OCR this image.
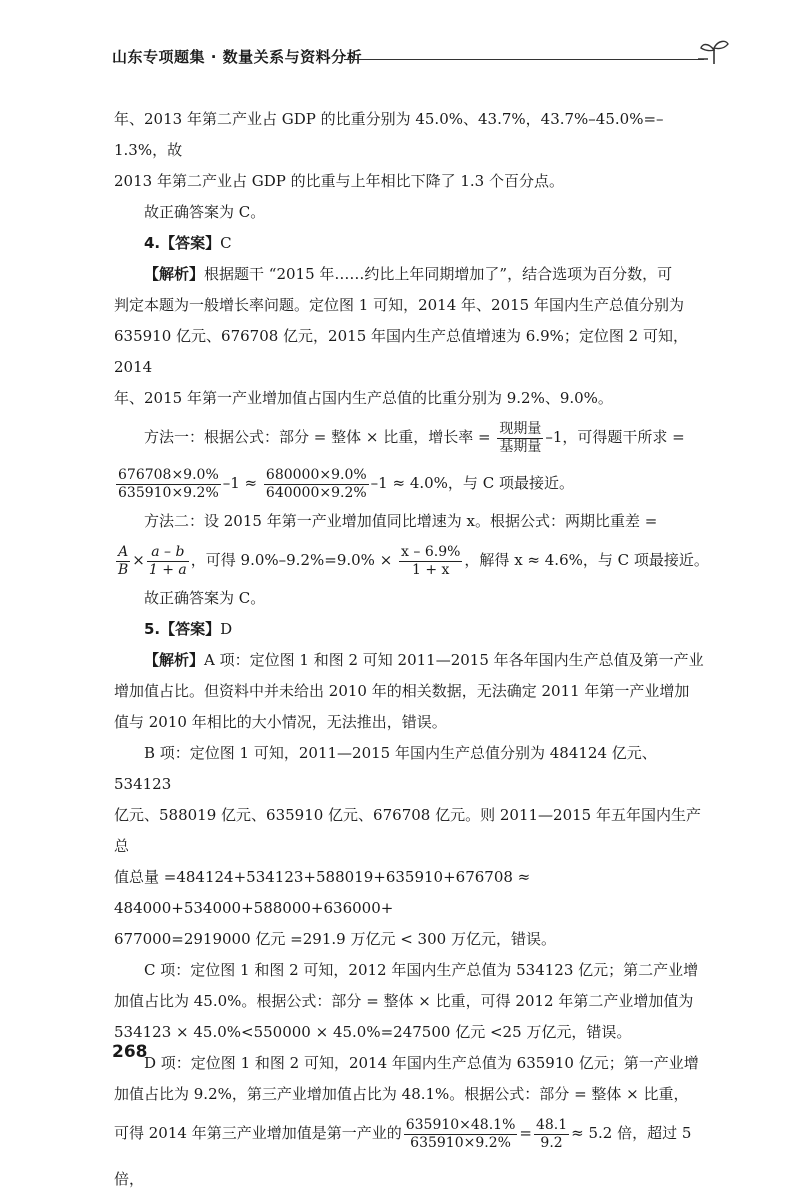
山东专项题集 · 数量关系与资料分析

年、2013 年第二产业占 GDP 的比重分别为 45.0%、43.7%，43.7%–45.0%=–1.3%，故

2013 年第二产业占 GDP 的比重与上年相比下降了 1.3 个百分点。

故正确答案为 C。

4.【答案】C

【解析】根据题干 “2015 年……约比上年同期增加了”，结合选项为百分数，可

判定本题为一般增长率问题。定位图 1 可知，2014 年、2015 年国内生产总值分别为

635910 亿元、676708 亿元，2015 年国内生产总值增速为 6.9%；定位图 2 可知，2014

年、2015 年第一产业增加值占国内生产总值的比重分别为 9.2%、9.0%。

方法一：根据公式：部分 = 整体 × 比重，增长率 = $\frac{\text{现期量}}{\text{基期量}} -1$，可得题干所求 =
$\frac{676708\times 9.0\%}{635910\times 9.2\%} -1 \approx \frac{680000\times 9.0\%}{640000\times 9.2\%} -1 \approx 4.0\%$，与 C 项最接近。

方法二：设 2015 年第一产业增加值同比增速为 x。根据公式：两期比重差 =

$\frac{A}{B} \times \frac{a - b}{1 + a}$ ，可得 $9.0\%-9.2\%=9.0\% \times \frac{x - 6.9\%}{1 + x}$ ，解得 x ≈ 4.6%，与 C 项最接近。

故正确答案为 C。

5.【答案】D

【解析】A 项：定位图 1 和图 2 可知 2011—2015 年各年国内生产总值及第一产业

增加值占比。但资料中并未给出 2010 年的相关数据，无法确定 2011 年第一产业增加

值与 2010 年相比的大小情况，无法推出，错误。

B 项：定位图 1 可知，2011—2015 年国内生产总值分别为 484124 亿元、534123

亿元、588019 亿元、635910 亿元、676708 亿元。则 2011—2015 年五年国内生产总

值总量 =484124+534123+588019+635910+676708 ≈ 484000+534000+588000+636000+

677000=2919000 亿元 =291.9 万亿元 < 300 万亿元，错误。

C 项：定位图 1 和图 2 可知，2012 年国内生产总值为 534123 亿元；第二产业增

加值占比为 45.0%。根据公式：部分 = 整体 × 比重，可得 2012 年第二产业增加值为

534123 × 45.0%<550000 × 45.0%=247500 亿元 <25 万亿元，错误。

D 项：定位图 1 和图 2 可知，2014 年国内生产总值为 635910 亿元；第一产业增

加值占比为 9.2%，第三产业增加值占比为 48.1%。根据公式：部分 = 整体 × 比重，

可得 2014 年第三产业增加值是第一产业的 $\frac{635910\times 48.1\%}{635910\times 9.2\%} = \frac{48.1}{9.2} \approx 5.2$ 倍，超过 5 倍，
268
